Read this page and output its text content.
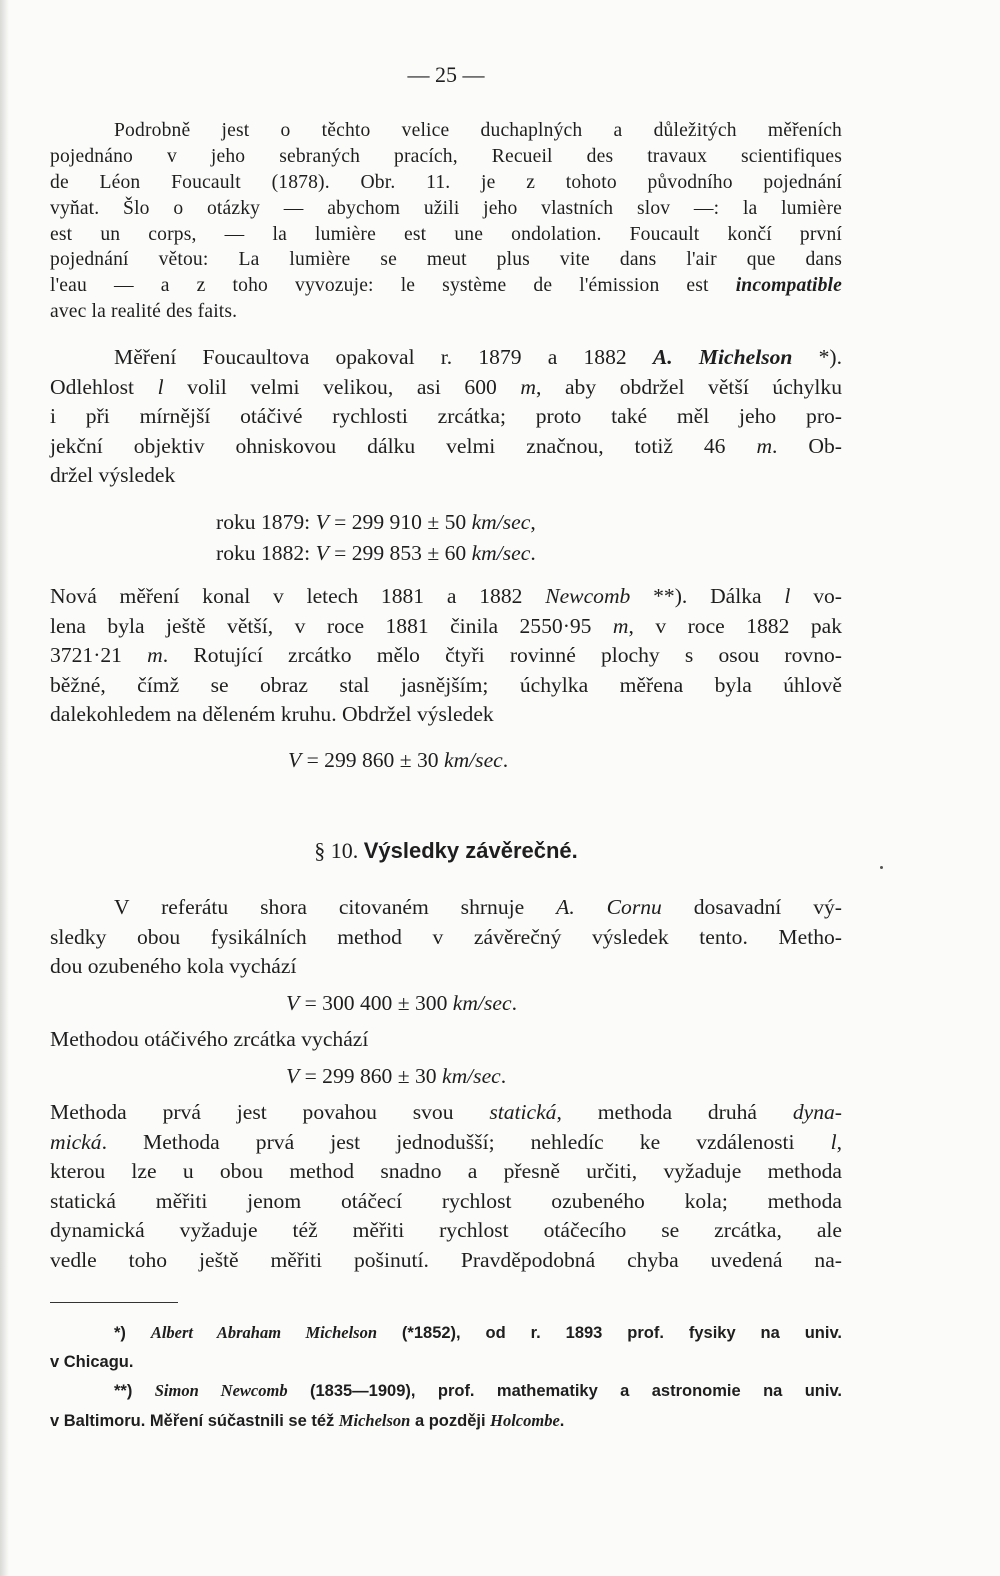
— 25 —
Podrobně jest o těchto velice duchaplných a důležitých měřeních
pojednáno v jeho sebraných pracích, Recueil des travaux scientifiques
de Léon Foucault (1878). Obr. 11. je z tohoto původního pojednání
vyňat. Šlo o otázky — abychom užili jeho vlastních slov —: la lumière
est un corps, — la lumière est une ondolation. Foucault končí první
pojednání větou: La lumière se meut plus vite dans l'air que dans
l'eau — a z toho vyvozuje: le système de l'émission est incompatible
avec la realité des faits.
Měření Foucaultova opakoval r. 1879 a 1882 A. Michelson *).
Odlehlost l volil velmi velikou, asi 600 m, aby obdržel větší úchylku
i při mírnější otáčivé rychlosti zrcátka; proto také měl jeho pro-
jekční objektiv ohniskovou dálku velmi značnou, totiž 46 m. Ob-
držel výsledek
roku 1879: V = 299 910 ± 50 km/sec,
roku 1882: V = 299 853 ± 60 km/sec.
Nová měření konal v letech 1881 a 1882 Newcomb **). Dálka l vo-
lena byla ještě větší, v roce 1881 činila 2550·95 m, v roce 1882 pak
3721·21 m. Rotující zrcátko mělo čtyři rovinné plochy s osou rovno-
běžné, čímž se obraz stal jasnějším; úchylka měřena byla úhlově
dalekohledem na děleném kruhu. Obdržel výsledek
V = 299 860 ± 30 km/sec.
§ 10. Výsledky závěrečné.
V referátu shora citovaném shrnuje A. Cornu dosavadní vý-
sledky obou fysikálních method v závěrečný výsledek tento. Metho-
dou ozubeného kola vychází
V = 300 400 ± 300 km/sec.
Methodou otáčivého zrcátka vychází
V = 299 860 ± 30 km/sec.
Methoda prvá jest povahou svou statická, methoda druhá dyna-
mická. Methoda prvá jest jednodušší; nehledíc ke vzdálenosti l,
kterou lze u obou method snadno a přesně určiti, vyžaduje methoda
statická měřiti jenom otáčecí rychlost ozubeného kola; methoda
dynamická vyžaduje též měřiti rychlost otáčecího se zrcátka, ale
vedle toho ještě měřiti pošinutí. Pravděpodobná chyba uvedená na-
*) Albert Abraham Michelson (*1852), od r. 1893 prof. fysiky na univ.
v Chicagu.
**) Simon Newcomb (1835—1909), prof. mathematiky a astronomie na univ.
v Baltimoru. Měření súčastnili se též Michelson a později Holcombe.
